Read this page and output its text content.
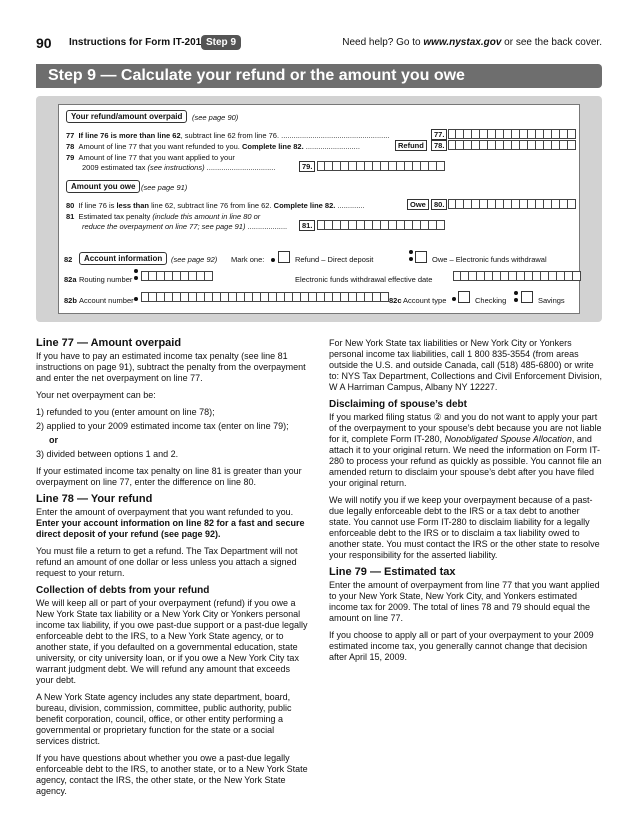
90 Instructions for Form IT-201 Step 9	Need help? Go to www.nystax.gov or see the back cover.
Step 9 — Calculate your refund or the amount you owe
Your refund/amount overpaid	(see page 90)
77 If line 76 is more than line 62, subtract line 62 from line 76. ....................................................	77.
78 Amount of line 77 that you want refunded to you. Complete line 82. ..........................	Refund	78.
79 Amount of line 77 that you want applied to your
2009 estimated tax (see instructions) .................................	79.
Amount you owe (see page 91)
80 If line 76 is less than line 62, subtract line 76 from line 62. Complete line 82. .............	Owe	80.
81 Estimated tax penalty (include this amount in line 80 or
reduce the overpayment on line 77; see page 91) ...................	81.
82	Account information	(see page 92) Mark one:	Refund – Direct deposit	Owe – Electronic funds withdrawal
82a Routing number	Electronic funds withdrawal effective date
82b Account number	82c Account type	Checking	Savings
Line 77 — Amount overpaid

If you have to pay an estimated income tax penalty (see line 81 instructions on page 91), subtract the penalty from the overpayment and enter the net overpayment on line 77.

Your net overpayment can be:

1) refunded to you (enter amount on line 78);
2) applied to your 2009 estimated income tax (enter on line 79);
or

3) divided between options 1 and 2.

If your estimated income tax penalty on line 81 is greater than your overpayment on line 77, enter the difference on line 80.

Line 78 — Your refund

Enter the amount of overpayment that you want refunded to you. Enter your account information on line 82 for a fast and secure direct deposit of your refund (see page 92).

You must file a return to get a refund. The Tax Department will not refund an amount of one dollar or less unless you attach a signed request to your return.

Collection of debts from your refund

We will keep all or part of your overpayment (refund) if you owe a New York State tax liability or a New York City or Yonkers personal income tax liability, if you owe past-due support or a past-due legally enforceable debt to the IRS, to a New York State agency, or to another state, if you defaulted on a governmental education, state university, or city university loan, or if you owe a New York City tax warrant judgment debt. We will refund any amount that exceeds your debt.

A New York State agency includes any state department, board, bureau, division, commission, committee, public authority, public benefit corporation, council, office, or other entity performing a governmental or proprietary function for the state or a social services district.

If you have questions about whether you owe a past-due legally enforceable debt to the IRS, to another state, or to a New York State agency, contact the IRS, the other state, or the New York State agency.

For New York State tax liabilities or New York City or Yonkers personal income tax liabilities, call 1 800 835-3554 (from areas outside the U.S. and outside Canada, call (518) 485-6800) or write to: NYS Tax Department, Collections and Civil Enforcement Division, W A Harriman Campus, Albany NY 12227.

Disclaiming of spouse’s debt

If you marked filing status ② and you do not want to apply your part of the overpayment to your spouse’s debt because you are not liable for it, complete Form IT-280, Nonobligated Spouse Allocation, and attach it to your original return. We need the information on Form IT-280 to process your refund as quickly as possible. You cannot file an amended return to disclaim your spouse’s debt after you have filed your original return.

We will notify you if we keep your overpayment because of a past-due legally enforceable debt to the IRS or a tax debt to another state. You cannot use Form IT-280 to disclaim liability for a legally enforceable debt to the IRS or to disclaim a tax liability owed to another state. You must contact the IRS or the other state to resolve your responsibility for the asserted liability.

Line 79 — Estimated tax

Enter the amount of overpayment from line 77 that you want applied to your New York State, New York City, and Yonkers estimated income tax for 2009. The total of lines 78 and 79 should equal the amount on line 77.

If you choose to apply all or part of your overpayment to your 2009 estimated income tax, you generally cannot change that decision after April 15, 2009.
